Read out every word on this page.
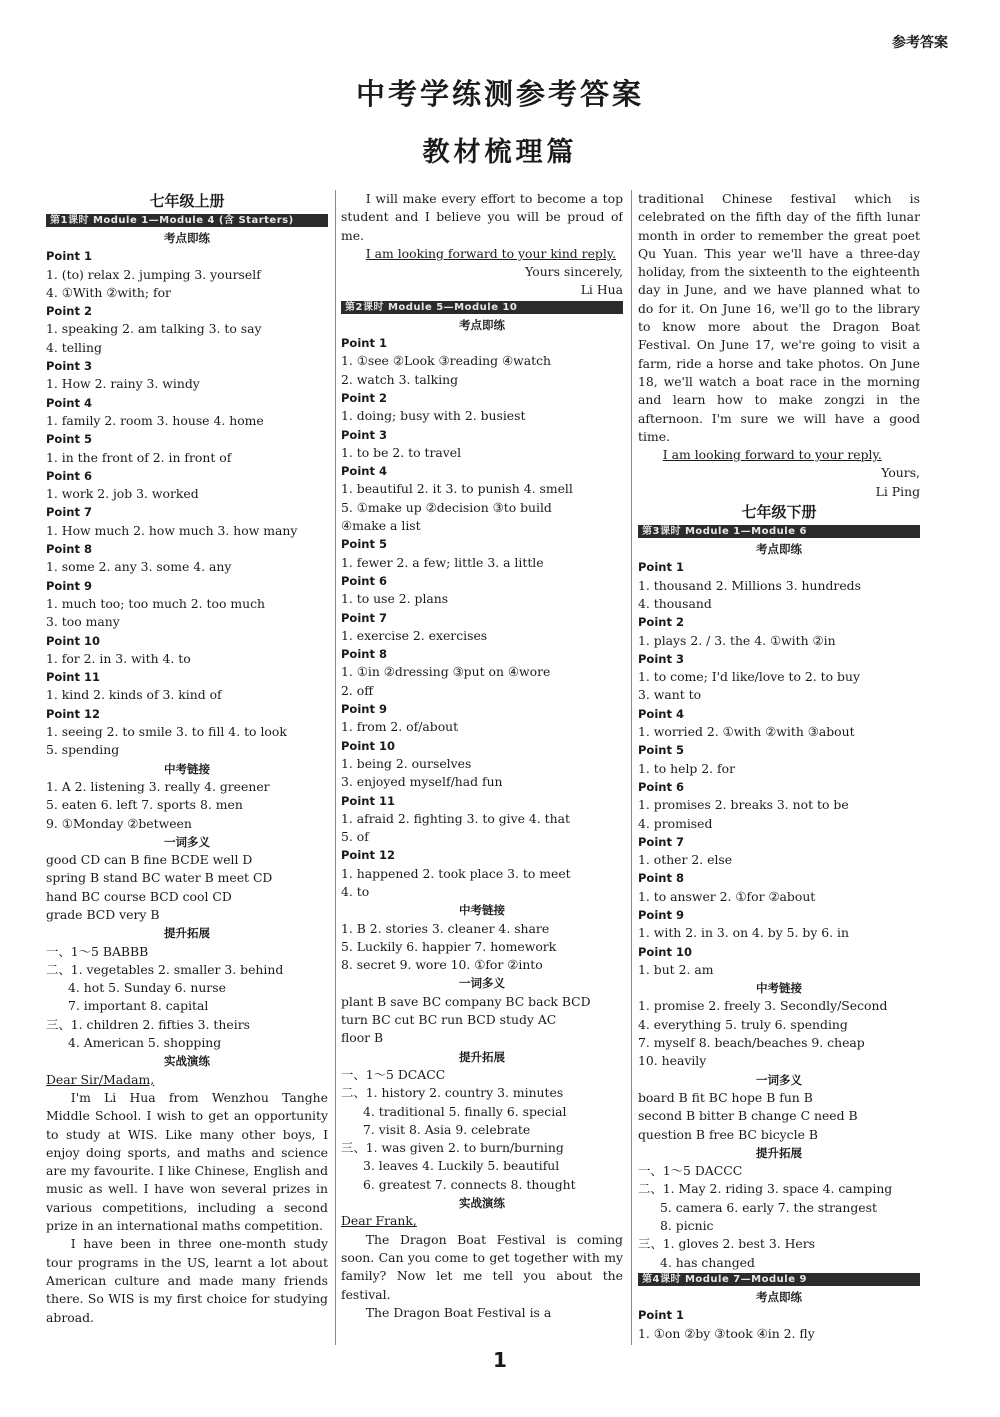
参考答案
中考学练测参考答案
教材梳理篇
七年级上册
第1课时 Module 1—Module 4 (含 Starters)
考点即练
Point 1
1. (to) relax 2. jumping 3. yourself
4. ①With ②with; for
Point 2
1. speaking 2. am talking 3. to say
4. telling
Point 3
1. How 2. rainy 3. windy
Point 4
1. family 2. room 3. house 4. home
Point 5
1. in the front of 2. in front of
Point 6
1. work 2. job 3. worked
Point 7
1. How much 2. how much 3. how many
Point 8
1. some 2. any 3. some 4. any
Point 9
1. much too; too much 2. too much
3. too many
Point 10
1. for 2. in 3. with 4. to
Point 11
1. kind 2. kinds of 3. kind of
Point 12
1. seeing 2. to smile 3. to fill 4. to look
5. spending
中考链接
1. A 2. listening 3. really 4. greener
5. eaten 6. left 7. sports 8. men
9. ①Monday ②between
一词多义
good CD can B fine BCDE well D
spring B stand BC water B meet CD
hand BC course BCD cool CD
grade BCD very B
提升拓展
一、1～5 BABBB
二、1. vegetables 2. smaller 3. behind
4. hot 5. Sunday 6. nurse
7. important 8. capital
三、1. children 2. fifties 3. theirs
4. American 5. shopping
实战演练
Dear Sir/Madam,
I'm Li Hua from Wenzhou Tanghe Middle School. I wish to get an opportunity to study at WIS. Like many other boys, I enjoy doing sports, and maths and science are my favourite. I like Chinese, English and music as well. I have won several prizes in various competitions, including a second prize in an international maths competition.
I have been in three one-month study tour programs in the US, learnt a lot about American culture and made many friends there. So WIS is my first choice for studying abroad.
I will make every effort to become a top student and I believe you will be proud of me.
I am looking forward to your kind reply.
Yours sincerely,
Li Hua
第2课时 Module 5—Module 10
考点即练
Point 1
1. ①see ②Look ③reading ④watch
2. watch 3. talking
Point 2
1. doing; busy with 2. busiest
Point 3
1. to be 2. to travel
Point 4
1. beautiful 2. it 3. to punish 4. smell
5. ①make up ②decision ③to build
④make a list
Point 5
1. fewer 2. a few; little 3. a little
Point 6
1. to use 2. plans
Point 7
1. exercise 2. exercises
Point 8
1. ①in ②dressing ③put on ④wore
2. off
Point 9
1. from 2. of/about
Point 10
1. being 2. ourselves
3. enjoyed myself/had fun
Point 11
1. afraid 2. fighting 3. to give 4. that
5. of
Point 12
1. happened 2. took place 3. to meet
4. to
中考链接
1. B 2. stories 3. cleaner 4. share
5. Luckily 6. happier 7. homework
8. secret 9. wore 10. ①for ②into
一词多义
plant B save BC company BC back BCD
turn BC cut BC run BCD study AC
floor B
提升拓展
一、1～5 DCACC
二、1. history 2. country 3. minutes
4. traditional 5. finally 6. special
7. visit 8. Asia 9. celebrate
三、1. was given 2. to burn/burning
3. leaves 4. Luckily 5. beautiful
6. greatest 7. connects 8. thought
实战演练
Dear Frank,
The Dragon Boat Festival is coming soon. Can you come to get together with my family? Now let me tell you about the festival.
The Dragon Boat Festival is a
traditional Chinese festival which is celebrated on the fifth day of the fifth lunar month in order to remember the great poet Qu Yuan. This year we'll have a three-day holiday, from the sixteenth to the eighteenth day in June, and we have planned what to do for it. On June 16, we'll go to the library to know more about the Dragon Boat Festival. On June 17, we're going to visit a farm, ride a horse and take photos. On June 18, we'll watch a boat race in the morning and learn how to make zongzi in the afternoon. I'm sure we will have a good time.
I am looking forward to your reply.
Yours,
Li Ping
七年级下册
第3课时 Module 1—Module 6
考点即练
Point 1
1. thousand 2. Millions 3. hundreds
4. thousand
Point 2
1. plays 2. / 3. the 4. ①with ②in
Point 3
1. to come; I'd like/love to 2. to buy
3. want to
Point 4
1. worried 2. ①with ②with ③about
Point 5
1. to help 2. for
Point 6
1. promises 2. breaks 3. not to be
4. promised
Point 7
1. other 2. else
Point 8
1. to answer 2. ①for ②about
Point 9
1. with 2. in 3. on 4. by 5. by 6. in
Point 10
1. but 2. am
中考链接
1. promise 2. freely 3. Secondly/Second
4. everything 5. truly 6. spending
7. myself 8. beach/beaches 9. cheap
10. heavily
一词多义
board B fit BC hope B fun B
second B bitter B change C need B
question B free BC bicycle B
提升拓展
一、1～5 DACCC
二、1. May 2. riding 3. space 4. camping
5. camera 6. early 7. the strangest
8. picnic
三、1. gloves 2. best 3. Hers
4. has changed
第4课时 Module 7—Module 9
考点即练
Point 1
1. ①on ②by ③took ④in 2. fly
1
